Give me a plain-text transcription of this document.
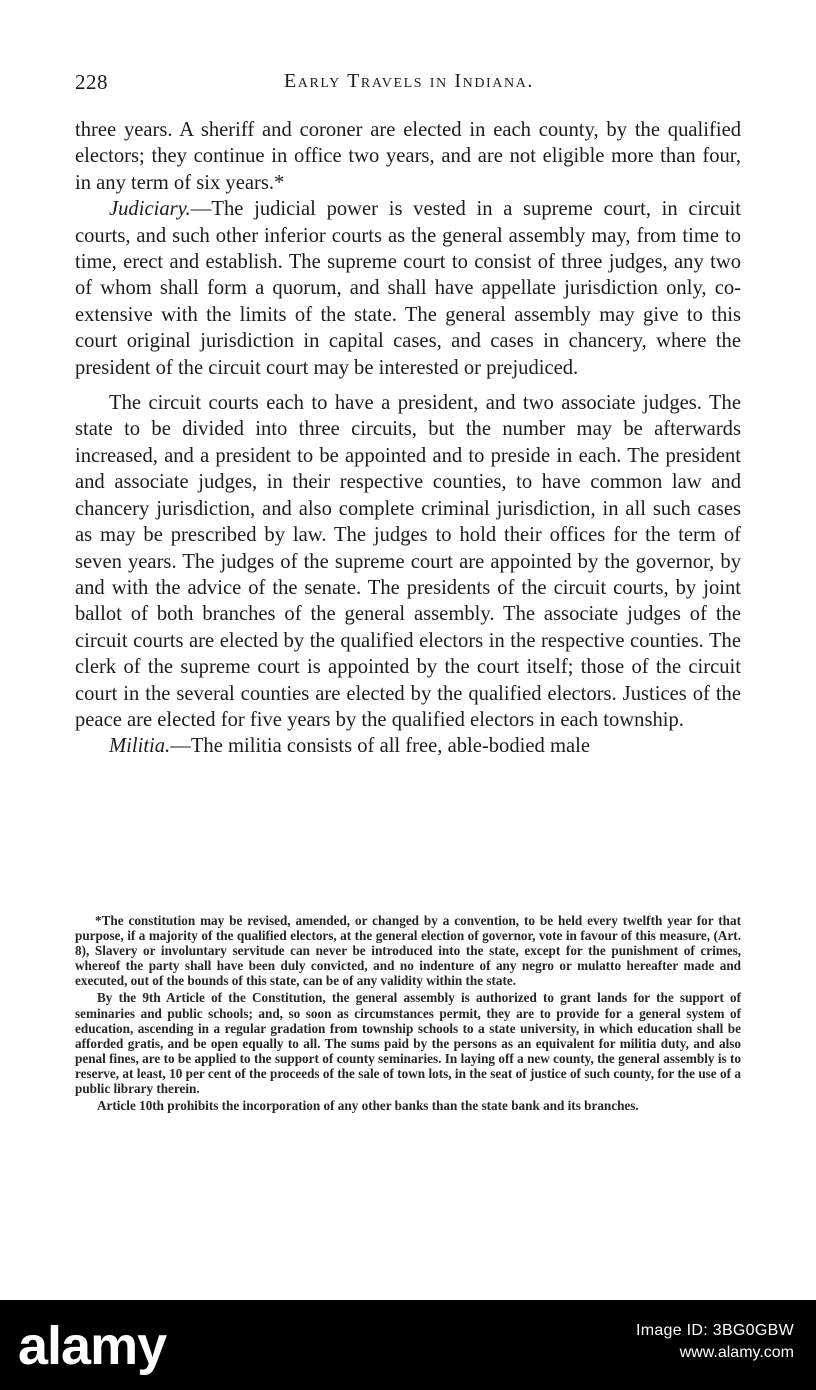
228	Early Travels in Indiana.

three years. A sheriff and coroner are elected in each county, by the qualified electors; they continue in office two years, and are not eligible more than four, in any term of six years.*

Judiciary.—The judicial power is vested in a supreme court, in circuit courts, and such other inferior courts as the general assembly may, from time to time, erect and establish. The supreme court to consist of three judges, any two of whom shall form a quorum, and shall have appellate jurisdiction only, co-extensive with the limits of the state. The general assembly may give to this court original jurisdiction in capital cases, and cases in chancery, where the president of the circuit court may be interested or prejudiced.

The circuit courts each to have a president, and two associate judges. The state to be divided into three circuits, but the number may be afterwards increased, and a president to be appointed and to preside in each. The president and associate judges, in their respective counties, to have common law and chancery jurisdiction, and also complete criminal jurisdiction, in all such cases as may be prescribed by law. The judges to hold their offices for the term of seven years. The judges of the supreme court are appointed by the governor, by and with the advice of the senate. The presidents of the circuit courts, by joint ballot of both branches of the general assembly. The associate judges of the circuit courts are elected by the qualified electors in the respective counties. The clerk of the supreme court is appointed by the court itself; those of the circuit court in the several counties are elected by the qualified electors. Justices of the peace are elected for five years by the qualified electors in each township.

Militia.—The militia consists of all free, able-bodied male

*The constitution may be revised, amended, or changed by a convention, to be held every twelfth year for that purpose, if a majority of the qualified electors, at the general election of governor, vote in favour of this measure, (Art. 8), Slavery or involuntary servitude can never be introduced into the state, except for the punishment of crimes, whereof the party shall have been duly convicted, and no indenture of any negro or mulatto hereafter made and executed, out of the bounds of this state, can be of any validity within the state.

By the 9th Article of the Constitution, the general assembly is authorized to grant lands for the support of seminaries and public schools; and, so soon as circumstances permit, they are to provide for a general system of education, ascending in a regular gradation from township schools to a state university, in which education shall be afforded gratis, and be open equally to all. The sums paid by the persons as an equivalent for militia duty, and also penal fines, are to be applied to the support of county seminaries. In laying off a new county, the general assembly is to reserve, at least, 10 per cent of the proceeds of the sale of town lots, in the seat of justice of such county, for the use of a public library therein.

Article 10th prohibits the incorporation of any other banks than the state bank and its branches.

alamy	Image ID: 3BG0GBW
www.alamy.com
